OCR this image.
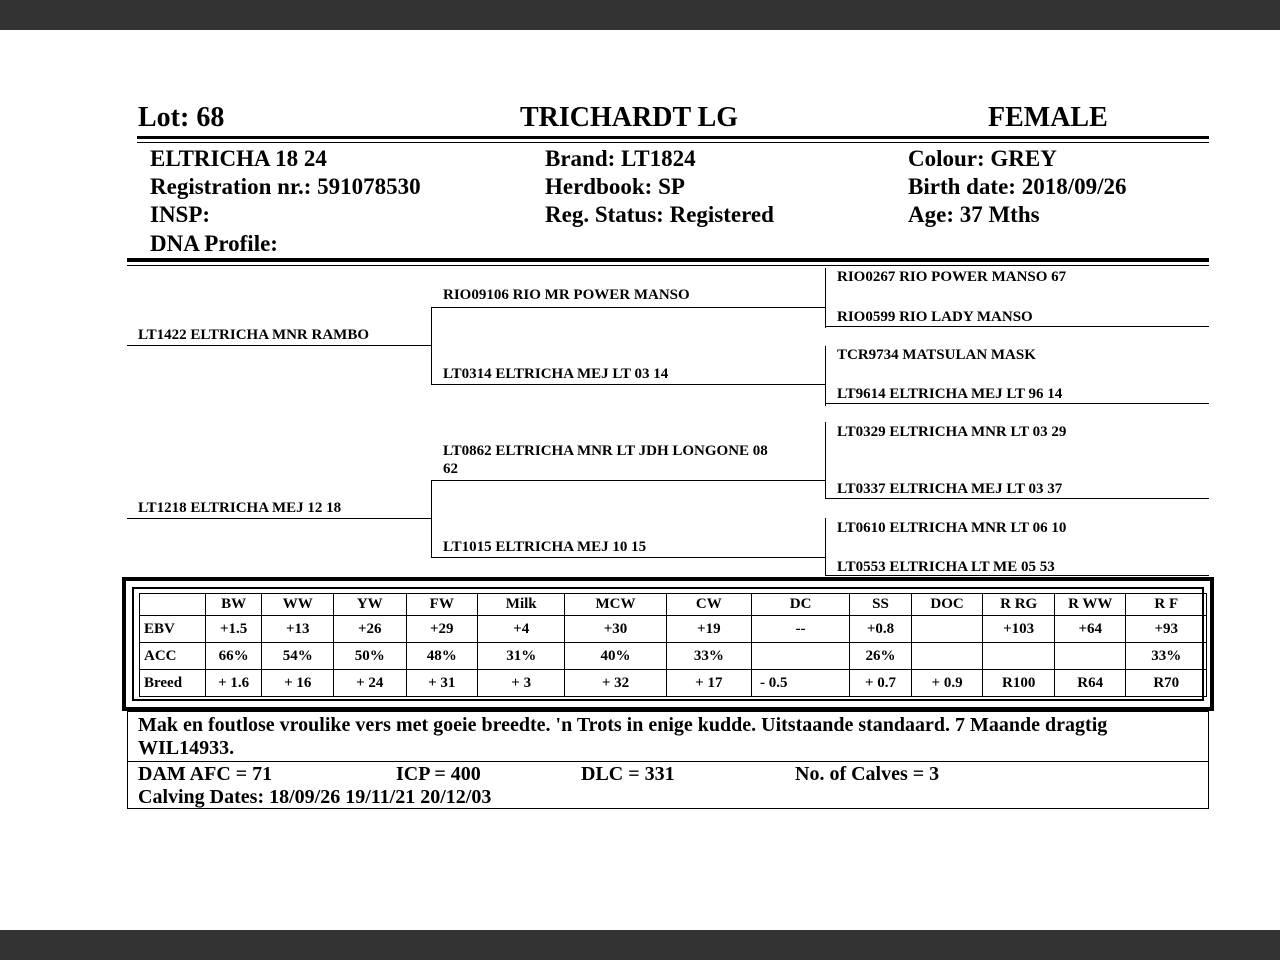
Lot: 68	TRICHARDT LG	FEMALE
ELTRICHA 18 24
Registration nr.: 591078530
INSP:
DNA Profile:
Brand: LT1824
Herdbook: SP
Reg. Status: Registered
Colour: GREY
Birth date: 2018/09/26
Age: 37 Mths
LT1422 ELTRICHA MNR RAMBO
LT1218 ELTRICHA MEJ 12 18
RIO09106 RIO MR POWER MANSO
LT0314 ELTRICHA MEJ LT 03 14
LT0862 ELTRICHA MNR LT JDH LONGONE 08
62
LT1015 ELTRICHA MEJ 10 15
RIO0267 RIO POWER MANSO 67
RIO0599 RIO LADY MANSO
TCR9734 MATSULAN MASK
LT9614 ELTRICHA MEJ LT 96 14
LT0329 ELTRICHA MNR LT 03 29
LT0337 ELTRICHA MEJ LT 03 37
LT0610 ELTRICHA MNR LT 06 10
LT0553 ELTRICHA LT ME 05 53
	BW	WW	YW	FW	Milk	MCW	CW	DC	SS	DOC	R RG	R WW	R F
EBV	+1.5	+13	+26	+29	+4	+30	+19	--	+0.8		+103	+64	+93
ACC	66%	54%	50%	48%	31%	40%	33%		26%				33%
Breed	+ 1.6	+ 16	+ 24	+ 31	+ 3	+ 32	+ 17	- 0.5	+ 0.7	+ 0.9	R100	R64	R70
Mak en foutlose vroulike vers met goeie breedte. 'n Trots in enige kudde. Uitstaande standaard. 7 Maande dragtig
WIL14933.
DAM AFC = 71	ICP = 400	DLC = 331	No. of Calves = 3
Calving Dates: 18/09/26 19/11/21 20/12/03
